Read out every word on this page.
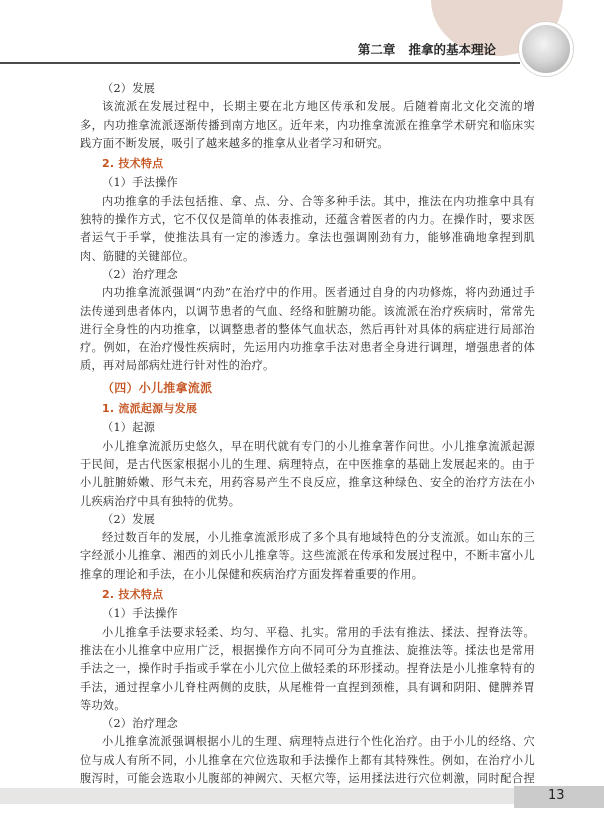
第二章 推拿的基本理论

（2）发展

该流派在发展过程中，长期主要在北方地区传承和发展。后随着南北文化交流的增多，内功推拿流派逐渐传播到南方地区。近年来，内功推拿流派在推拿学术研究和临床实践方面不断发展，吸引了越来越多的推拿从业者学习和研究。

2. 技术特点

（1）手法操作

内功推拿的手法包括推、拿、点、分、合等多种手法。其中，推法在内功推拿中具有独特的操作方式，它不仅仅是简单的体表推动，还蕴含着医者的内力。在操作时，要求医者运气于手掌，使推法具有一定的渗透力。拿法也强调刚劲有力，能够准确地拿捏到肌肉、筋腱的关键部位。

（2）治疗理念

内功推拿流派强调“内劲”在治疗中的作用。医者通过自身的内功修炼，将内劲通过手法传递到患者体内，以调节患者的气血、经络和脏腑功能。该流派在治疗疾病时，常常先进行全身性的内功推拿，以调整患者的整体气血状态，然后再针对具体的病症进行局部治疗。例如，在治疗慢性疾病时，先运用内功推拿手法对患者全身进行调理，增强患者的体质，再对局部病灶进行针对性的治疗。

（四）小儿推拿流派

1. 流派起源与发展

（1）起源

小儿推拿流派历史悠久，早在明代就有专门的小儿推拿著作问世。小儿推拿流派起源于民间，是古代医家根据小儿的生理、病理特点，在中医推拿的基础上发展起来的。由于小儿脏腑娇嫩、形气未充，用药容易产生不良反应，推拿这种绿色、安全的治疗方法在小儿疾病治疗中具有独特的优势。

（2）发展

经过数百年的发展，小儿推拿流派形成了多个具有地域特色的分支流派。如山东的三字经派小儿推拿、湘西的刘氏小儿推拿等。这些流派在传承和发展过程中，不断丰富小儿推拿的理论和手法，在小儿保健和疾病治疗方面发挥着重要的作用。

2. 技术特点

（1）手法操作

小儿推拿手法要求轻柔、均匀、平稳、扎实。常用的手法有推法、揉法、捏脊法等。推法在小儿推拿中应用广泛，根据操作方向不同可分为直推法、旋推法等。揉法也是常用手法之一，操作时手指或手掌在小儿穴位上做轻柔的环形揉动。捏脊法是小儿推拿特有的手法，通过捏拿小儿脊柱两侧的皮肤，从尾椎骨一直捏到颈椎，具有调和阴阳、健脾养胃等功效。

（2）治疗理念

小儿推拿流派强调根据小儿的生理、病理特点进行个性化治疗。由于小儿的经络、穴位与成人有所不同，小儿推拿在穴位选取和手法操作上都有其特殊性。例如，在治疗小儿腹泻时，可能会选取小儿腹部的神阙穴、天枢穴等，运用揉法进行穴位刺激，同时配合捏

13
